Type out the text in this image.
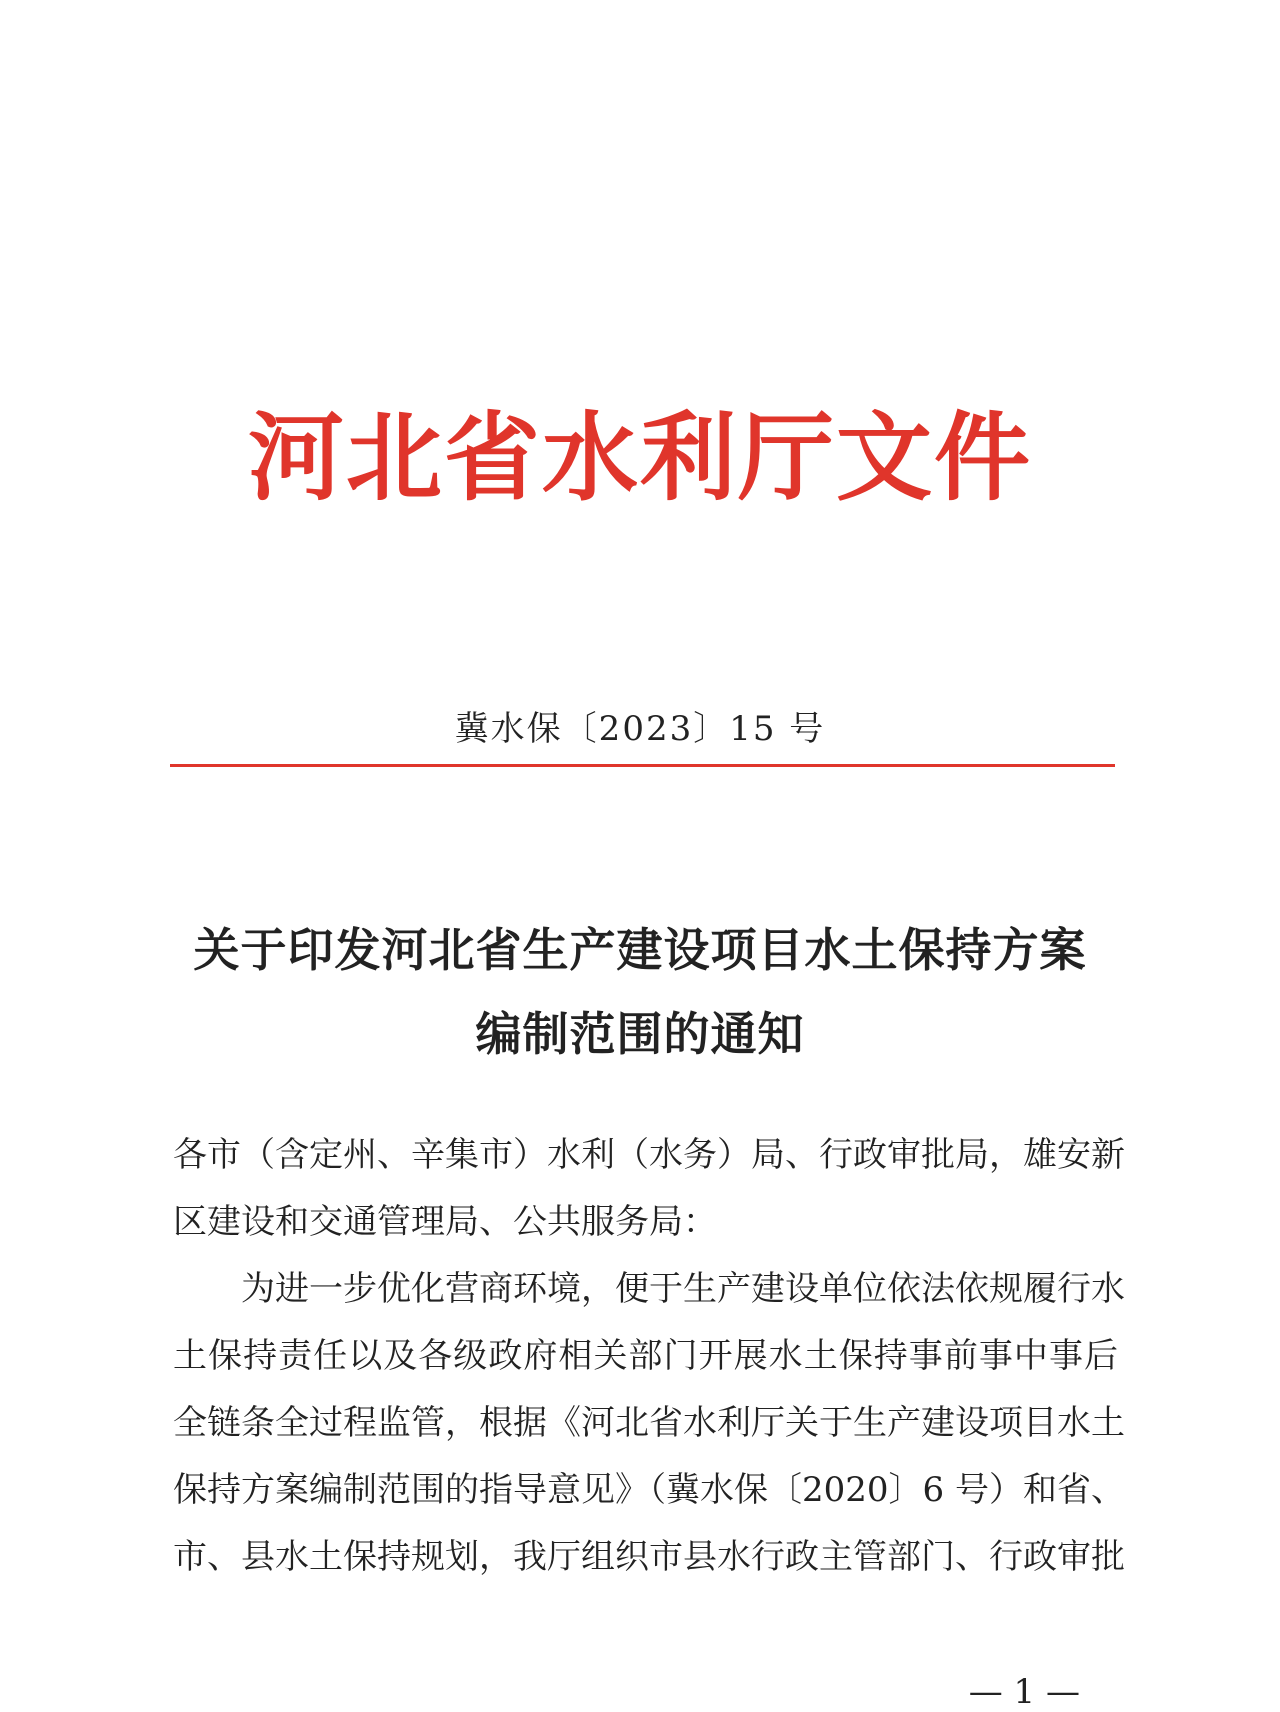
河北省水利厅文件
冀水保〔2023〕15 号
关于印发河北省生产建设项目水土保持方案
编制范围的通知
各市（含定州、辛集市）水利（水务）局、行政审批局，雄安新
区建设和交通管理局、公共服务局：
为进一步优化营商环境，便于生产建设单位依法依规履行水
土保持责任以及各级政府相关部门开展水土保持事前事中事后
全链条全过程监管，根据《河北省水利厅关于生产建设项目水土
保持方案编制范围的指导意见》（冀水保〔2020〕6 号）和省、
市、县水土保持规划，我厅组织市县水行政主管部门、行政审批
— 1 —
